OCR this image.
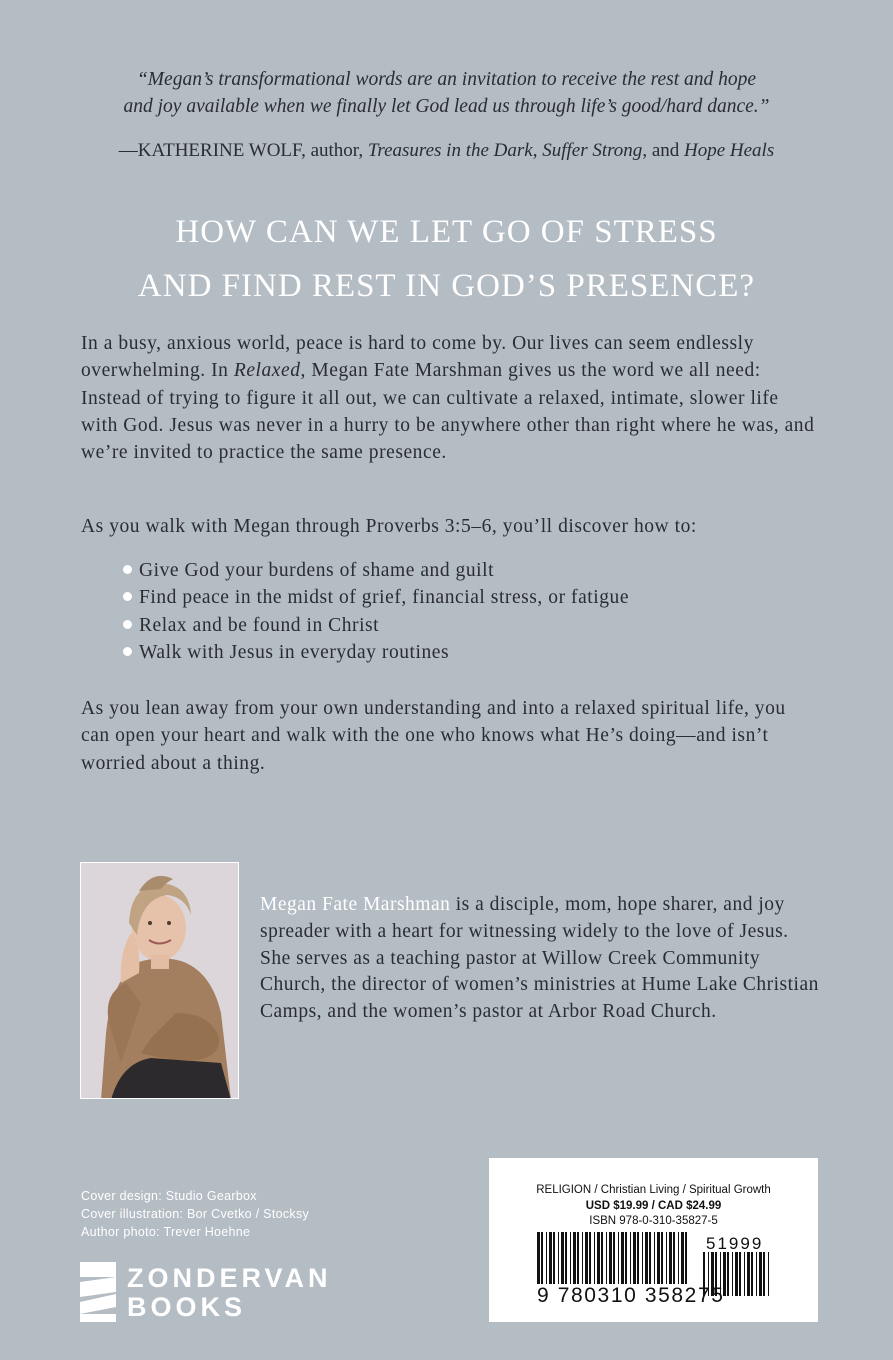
“Megan’s transformational words are an invitation to receive the rest and hope
and joy available when we finally let God lead us through life’s good/hard dance.”
—KATHERINE WOLF, author, Treasures in the Dark, Suffer Strong, and Hope Heals
HOW CAN WE LET GO OF STRESS
AND FIND REST IN GOD’S PRESENCE?

In a busy, anxious world, peace is hard to come by. Our lives can seem endlessly overwhelming. In Relaxed, Megan Fate Marshman gives us the word we all need: Instead of trying to figure it all out, we can cultivate a relaxed, intimate, slower life with God. Jesus was never in a hurry to be anywhere other than right where he was, and we’re invited to practice the same presence.

As you walk with Megan through Proverbs 3:5–6, you’ll discover how to:

Give God your burdens of shame and guilt
Find peace in the midst of grief, financial stress, or fatigue
Relax and be found in Christ
Walk with Jesus in everyday routines

As you lean away from your own understanding and into a relaxed spiritual life, you can open your heart and walk with the one who knows what He’s doing—and isn’t worried about a thing.

Megan Fate Marshman is a disciple, mom, hope sharer, and joy spreader with a heart for witnessing widely to the love of Jesus. She serves as a teaching pastor at Willow Creek Community Church, the director of women’s ministries at Hume Lake Christian Camps, and the women’s pastor at Arbor Road Church.

Cover design: Studio Gearbox
Cover illustration: Bor Cvetko / Stocksy
Author photo: Trever Hoehne
ZONDERVAN
BOOKS
RELIGION / Christian Living / Spiritual Growth
USD $19.99 / CAD $24.99
ISBN 978-0-310-35827-5
9 780310 358275
51999
